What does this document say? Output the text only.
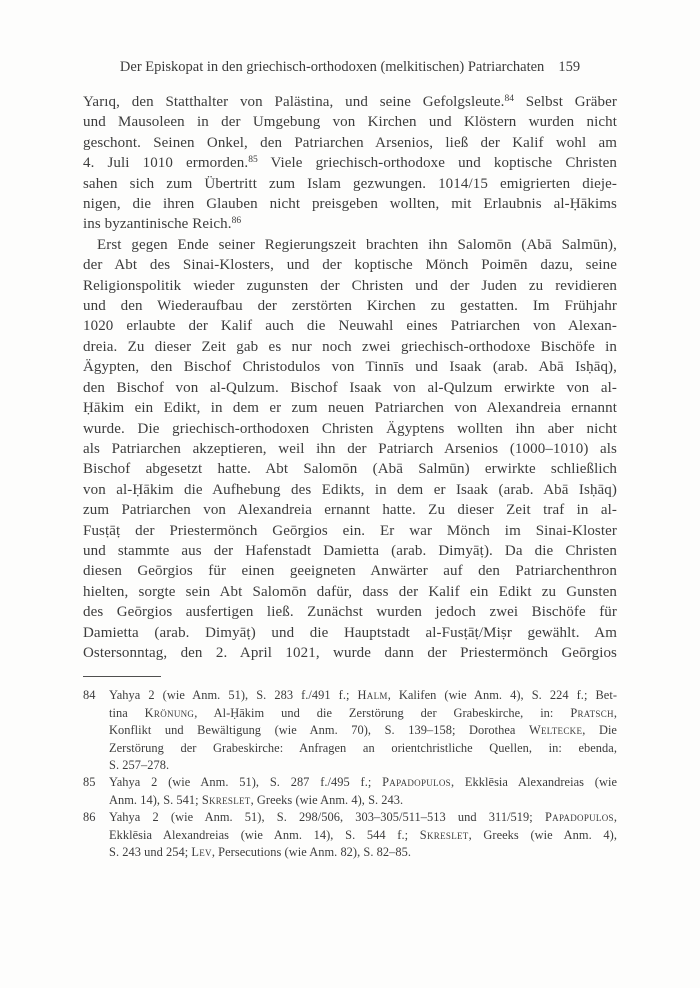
Der Episkopat in den griechisch-orthodoxen (melkitischen) Patriarchaten 159
Yarıq, den Statthalter von Palästina, und seine Gefolgsleute.$^{84}$ Selbst Gräber
und Mausoleen in der Umgebung von Kirchen und Klöstern wurden nicht
geschont. Seinen Onkel, den Patriarchen Arsenios, ließ der Kalif wohl am
4. Juli 1010 ermorden.$^{85}$ Viele griechisch-orthodoxe und koptische Christen
sahen sich zum Übertritt zum Islam gezwungen. 1014/15 emigrierten dieje-
nigen, die ihren Glauben nicht preisgeben wollten, mit Erlaubnis al-Ḥākims
ins byzantinische Reich.$^{86}$
Erst gegen Ende seiner Regierungszeit brachten ihn Salomōn (Abā Salmūn),
der Abt des Sinai-Klosters, und der koptische Mönch Poimēn dazu, seine
Religionspolitik wieder zugunsten der Christen und der Juden zu revidieren
und den Wiederaufbau der zerstörten Kirchen zu gestatten. Im Frühjahr
1020 erlaubte der Kalif auch die Neuwahl eines Patriarchen von Alexan-
dreia. Zu dieser Zeit gab es nur noch zwei griechisch-orthodoxe Bischöfe in
Ägypten, den Bischof Christodulos von Tinnīs und Isaak (arab. Abā Isḥāq),
den Bischof von al-Qulzum. Bischof Isaak von al-Qulzum erwirkte von al-
Ḥākim ein Edikt, in dem er zum neuen Patriarchen von Alexandreia ernannt
wurde. Die griechisch-orthodoxen Christen Ägyptens wollten ihn aber nicht
als Patriarchen akzeptieren, weil ihn der Patriarch Arsenios (1000–1010) als
Bischof abgesetzt hatte. Abt Salomōn (Abā Salmūn) erwirkte schließlich
von al-Ḥākim die Aufhebung des Edikts, in dem er Isaak (arab. Abā Isḥāq)
zum Patriarchen von Alexandreia ernannt hatte. Zu dieser Zeit traf in al-
Fusṭāṭ der Priestermönch Geōrgios ein. Er war Mönch im Sinai-Kloster
und stammte aus der Hafenstadt Damietta (arab. Dimyāṭ). Da die Christen
diesen Geōrgios für einen geeigneten Anwärter auf den Patriarchenthron
hielten, sorgte sein Abt Salomōn dafür, dass der Kalif ein Edikt zu Gunsten
des Geōrgios ausfertigen ließ. Zunächst wurden jedoch zwei Bischöfe für
Damietta (arab. Dimyāṭ) und die Hauptstadt al-Fusṭāṭ/Miṣr gewählt. Am
Ostersonntag, den 2. April 1021, wurde dann der Priestermönch Geōrgios
84	Yahya 2 (wie Anm. 51), S. 283 f./491 f.; Halm, Kalifen (wie Anm. 4), S. 224 f.; Bet-
tina Krönung, Al-Ḥākim und die Zerstörung der Grabeskirche, in: Pratsch,
Konflikt und Bewältigung (wie Anm. 70), S. 139–158; Dorothea Weltecke, Die
Zerstörung der Grabeskirche: Anfragen an orientchristliche Quellen, in: ebenda,
S. 257–278.
85	Yahya 2 (wie Anm. 51), S. 287 f./495 f.; Papadopulos, Ekklēsia Alexandreias (wie
Anm. 14), S. 541; Skreslet, Greeks (wie Anm. 4), S. 243.
86	Yahya 2 (wie Anm. 51), S. 298/506, 303–305/511–513 und 311/519; Papadopulos,
Ekklēsia Alexandreias (wie Anm. 14), S. 544 f.; Skreslet, Greeks (wie Anm. 4),
S. 243 und 254; Lev, Persecutions (wie Anm. 82), S. 82–85.
